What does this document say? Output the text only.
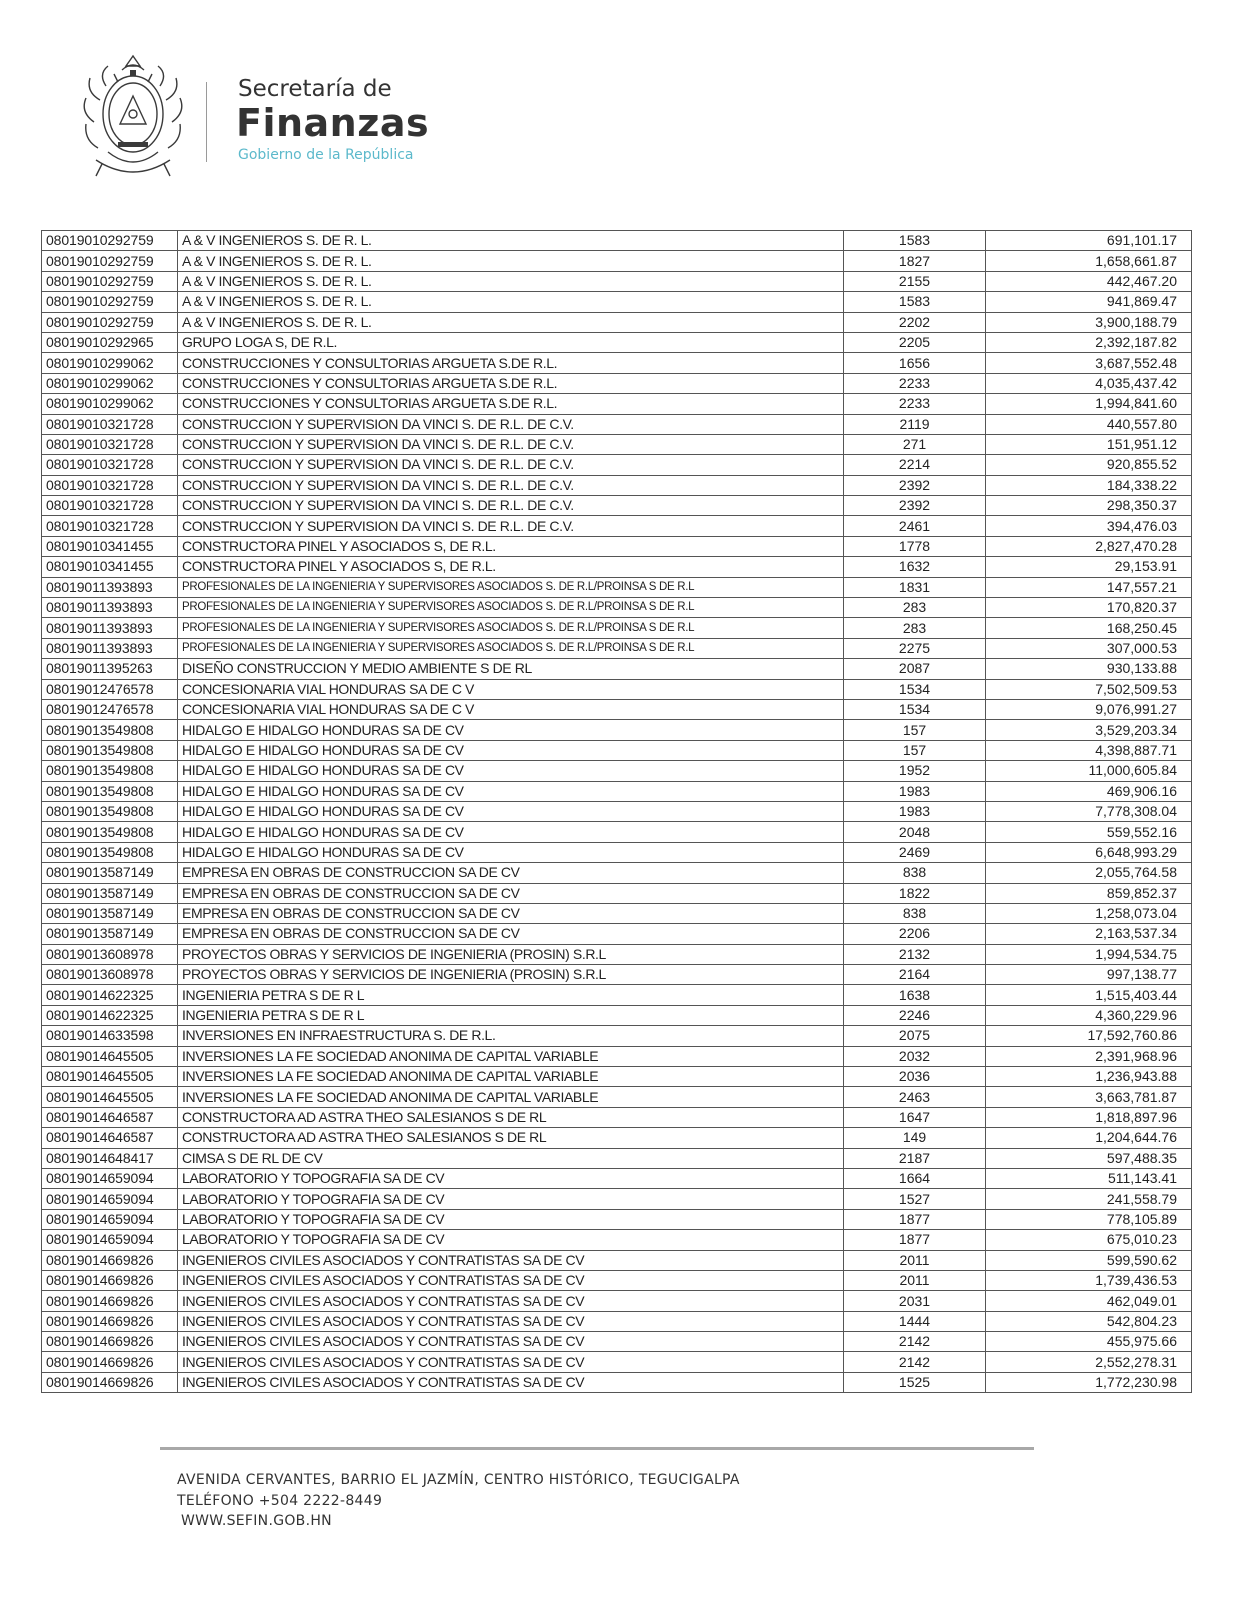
Secretaría de
Finanzas
Gobierno de la República
08019010292759	A & V INGENIEROS S. DE R. L.	1583	691,101.17
08019010292759	A & V INGENIEROS S. DE R. L.	1827	1,658,661.87
08019010292759	A & V INGENIEROS S. DE R. L.	2155	442,467.20
08019010292759	A & V INGENIEROS S. DE R. L.	1583	941,869.47
08019010292759	A & V INGENIEROS S. DE R. L.	2202	3,900,188.79
08019010292965	GRUPO LOGA S, DE R.L.	2205	2,392,187.82
08019010299062	CONSTRUCCIONES Y CONSULTORIAS ARGUETA S.DE R.L.	1656	3,687,552.48
08019010299062	CONSTRUCCIONES Y CONSULTORIAS ARGUETA S.DE R.L.	2233	4,035,437.42
08019010299062	CONSTRUCCIONES Y CONSULTORIAS ARGUETA S.DE R.L.	2233	1,994,841.60
08019010321728	CONSTRUCCION Y SUPERVISION DA VINCI S. DE R.L. DE C.V.	2119	440,557.80
08019010321728	CONSTRUCCION Y SUPERVISION DA VINCI S. DE R.L. DE C.V.	271	151,951.12
08019010321728	CONSTRUCCION Y SUPERVISION DA VINCI S. DE R.L. DE C.V.	2214	920,855.52
08019010321728	CONSTRUCCION Y SUPERVISION DA VINCI S. DE R.L. DE C.V.	2392	184,338.22
08019010321728	CONSTRUCCION Y SUPERVISION DA VINCI S. DE R.L. DE C.V.	2392	298,350.37
08019010321728	CONSTRUCCION Y SUPERVISION DA VINCI S. DE R.L. DE C.V.	2461	394,476.03
08019010341455	CONSTRUCTORA PINEL Y ASOCIADOS S, DE R.L.	1778	2,827,470.28
08019010341455	CONSTRUCTORA PINEL Y ASOCIADOS S, DE R.L.	1632	29,153.91
08019011393893	PROFESIONALES DE LA INGENIERIA Y SUPERVISORES ASOCIADOS S. DE R.L/PROINSA S DE R.L	1831	147,557.21
08019011393893	PROFESIONALES DE LA INGENIERIA Y SUPERVISORES ASOCIADOS S. DE R.L/PROINSA S DE R.L	283	170,820.37
08019011393893	PROFESIONALES DE LA INGENIERIA Y SUPERVISORES ASOCIADOS S. DE R.L/PROINSA S DE R.L	283	168,250.45
08019011393893	PROFESIONALES DE LA INGENIERIA Y SUPERVISORES ASOCIADOS S. DE R.L/PROINSA S DE R.L	2275	307,000.53
08019011395263	DISEÑO CONSTRUCCION Y MEDIO AMBIENTE S DE RL	2087	930,133.88
08019012476578	CONCESIONARIA VIAL HONDURAS SA DE C V	1534	7,502,509.53
08019012476578	CONCESIONARIA VIAL HONDURAS SA DE C V	1534	9,076,991.27
08019013549808	HIDALGO E HIDALGO HONDURAS SA DE CV	157	3,529,203.34
08019013549808	HIDALGO E HIDALGO HONDURAS SA DE CV	157	4,398,887.71
08019013549808	HIDALGO E HIDALGO HONDURAS SA DE CV	1952	11,000,605.84
08019013549808	HIDALGO E HIDALGO HONDURAS SA DE CV	1983	469,906.16
08019013549808	HIDALGO E HIDALGO HONDURAS SA DE CV	1983	7,778,308.04
08019013549808	HIDALGO E HIDALGO HONDURAS SA DE CV	2048	559,552.16
08019013549808	HIDALGO E HIDALGO HONDURAS SA DE CV	2469	6,648,993.29
08019013587149	EMPRESA EN OBRAS DE CONSTRUCCION SA DE CV	838	2,055,764.58
08019013587149	EMPRESA EN OBRAS DE CONSTRUCCION SA DE CV	1822	859,852.37
08019013587149	EMPRESA EN OBRAS DE CONSTRUCCION SA DE CV	838	1,258,073.04
08019013587149	EMPRESA EN OBRAS DE CONSTRUCCION SA DE CV	2206	2,163,537.34
08019013608978	PROYECTOS OBRAS Y SERVICIOS DE INGENIERIA (PROSIN) S.R.L	2132	1,994,534.75
08019013608978	PROYECTOS OBRAS Y SERVICIOS DE INGENIERIA (PROSIN) S.R.L	2164	997,138.77
08019014622325	INGENIERIA PETRA S DE R L	1638	1,515,403.44
08019014622325	INGENIERIA PETRA S DE R L	2246	4,360,229.96
08019014633598	INVERSIONES EN INFRAESTRUCTURA S. DE R.L.	2075	17,592,760.86
08019014645505	INVERSIONES LA FE SOCIEDAD ANONIMA DE CAPITAL VARIABLE	2032	2,391,968.96
08019014645505	INVERSIONES LA FE SOCIEDAD ANONIMA DE CAPITAL VARIABLE	2036	1,236,943.88
08019014645505	INVERSIONES LA FE SOCIEDAD ANONIMA DE CAPITAL VARIABLE	2463	3,663,781.87
08019014646587	CONSTRUCTORA AD ASTRA THEO SALESIANOS S DE RL	1647	1,818,897.96
08019014646587	CONSTRUCTORA AD ASTRA THEO SALESIANOS S DE RL	149	1,204,644.76
08019014648417	CIMSA S DE RL DE CV	2187	597,488.35
08019014659094	LABORATORIO Y TOPOGRAFIA SA DE CV	1664	511,143.41
08019014659094	LABORATORIO Y TOPOGRAFIA SA DE CV	1527	241,558.79
08019014659094	LABORATORIO Y TOPOGRAFIA SA DE CV	1877	778,105.89
08019014659094	LABORATORIO Y TOPOGRAFIA SA DE CV	1877	675,010.23
08019014669826	INGENIEROS CIVILES ASOCIADOS Y CONTRATISTAS SA DE CV	2011	599,590.62
08019014669826	INGENIEROS CIVILES ASOCIADOS Y CONTRATISTAS SA DE CV	2011	1,739,436.53
08019014669826	INGENIEROS CIVILES ASOCIADOS Y CONTRATISTAS SA DE CV	2031	462,049.01
08019014669826	INGENIEROS CIVILES ASOCIADOS Y CONTRATISTAS SA DE CV	1444	542,804.23
08019014669826	INGENIEROS CIVILES ASOCIADOS Y CONTRATISTAS SA DE CV	2142	455,975.66
08019014669826	INGENIEROS CIVILES ASOCIADOS Y CONTRATISTAS SA DE CV	2142	2,552,278.31
08019014669826	INGENIEROS CIVILES ASOCIADOS Y CONTRATISTAS SA DE CV	1525	1,772,230.98
AVENIDA CERVANTES, BARRIO EL JAZMÍN, CENTRO HISTÓRICO, TEGUCIGALPA
TELÉFONO +504 2222-8449
WWW.SEFIN.GOB.HN
